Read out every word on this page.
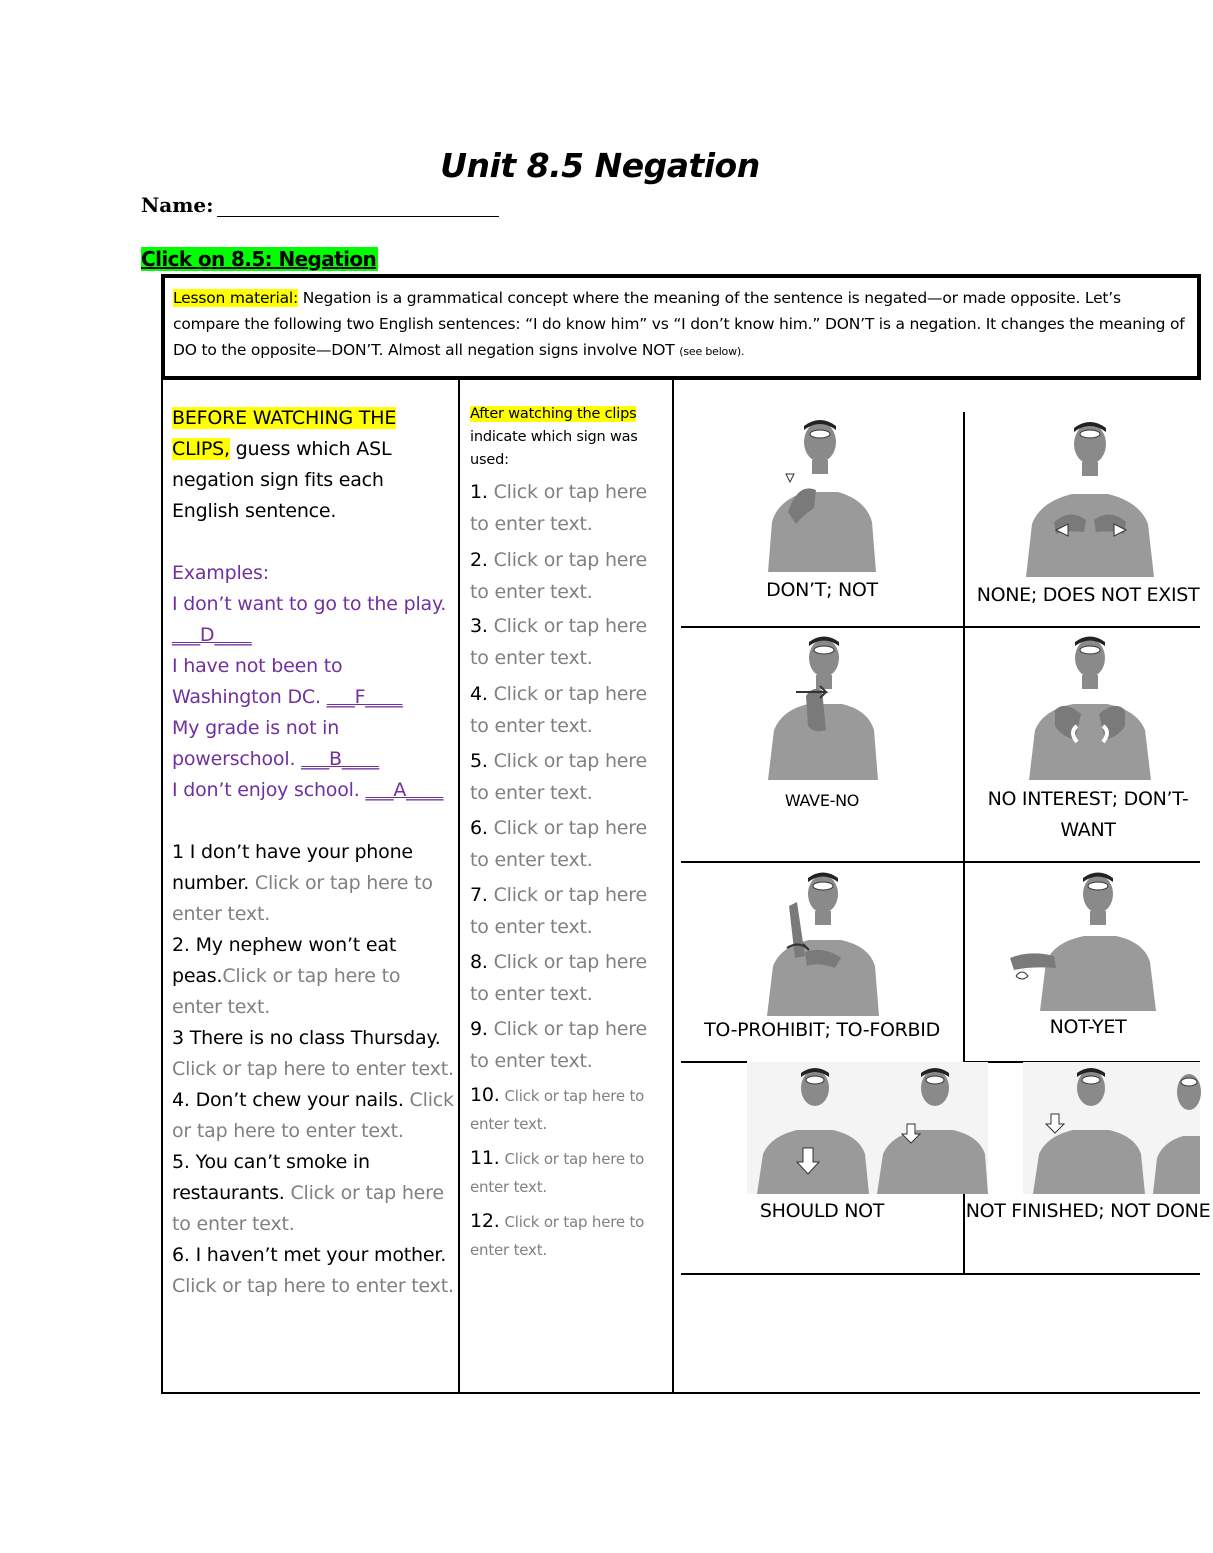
Unit 8.5 Negation
Name:
Click on 8.5: Negation

Lesson material: Negation is a grammatical concept where the meaning of the sentence is negated—or made opposite. Let’s compare the following two English sentences: “I do know him” vs “I don’t know him.” DON’T is a negation. It changes the meaning of DO to the opposite—DON’T. Almost all negation signs involve NOT (see below).

BEFORE WATCHING THE CLIPS, guess which ASL negation sign fits each English sentence.
Examples:
I don’t want to go to the play. ___D____
I have not been to Washington DC. ___F____
My grade is not in powerschool. ___B____
I don’t enjoy school. ___A____
1 I don’t have your phone number. Click or tap here to enter text.
2. My nephew won’t eat peas.Click or tap here to enter text.
3 There is no class Thursday. Click or tap here to enter text.
4. Don’t chew your nails. Click or tap here to enter text.
5. You can’t smoke in restaurants. Click or tap here to enter text.
6. I haven’t met your mother. Click or tap here to enter text.
After watching the clips indicate which sign was used:
1. Click or tap here to enter text.
2. Click or tap here to enter text.
3. Click or tap here to enter text.
4. Click or tap here to enter text.
5. Click or tap here to enter text.
6. Click or tap here to enter text.
7. Click or tap here to enter text.
8. Click or tap here to enter text.
9. Click or tap here to enter text.
10. Click or tap here to enter text.
11. Click or tap here to enter text.
12. Click or tap here to enter text.
DON’T; NOT	NONE; DOES NOT EXIST
WAVE-NO	NO INTEREST; DON’T-WANT
TO-PROHIBIT; TO-FORBID	NOT-YET
SHOULD NOT	NOT FINISHED; NOT DONE
